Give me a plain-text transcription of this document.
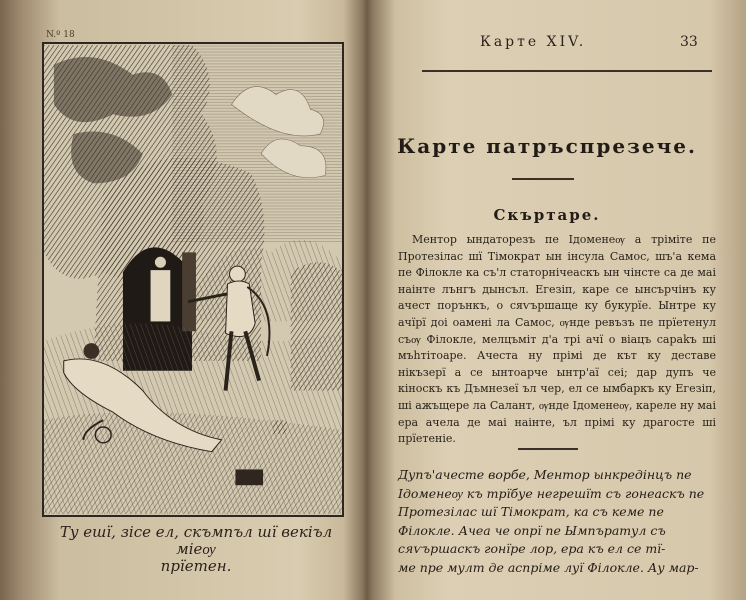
N.º 18
Ту ешї, зісе ел, скъмпъл шї векіъл міеѹ
прїетен.
Карте XIV.	33
Карте патръспрезече.
Скъртаре.

Ментор ындаторезъ пе Ідоменеѹ а тріміте пе Протезілас шї Тімократ ын інсула Самос, шъ'а кема пе Філокле ка съ'л статорнічеаскъ ын чінсте са де маі наінте лънгъ дынсъл. Егезіп, каре се ынсърчінъ ку ачест порънкъ, о сяѵършаще ку букурїе. Ынтре ку ачїрї доі оамені ла Самос, ѹнде ревъзъ пе прїетенул съѹ Філокле, мелцъміт д'а трі ачї о віацъ сараkъ ші мъhтітоаре. Ачеста ну прімі де кът ку деставе нікъзерї а се ынтоарче ынтр'аї сеі; дар дупъ че кіноскъ къ Дъмнезеї ъл чер, ел се ымбаркъ ку Егезіп, ші ажъщере ла Салант, ѹнде Ідоменеѹ, карелe ну маі ера ачела де маі наінте, ъл прімі ку драгосте ші прїетеніе.

Дупъ'ачесте ворбе, Ментор ынкредінцъ пе
Ідоменеѹ къ трїбуе негрешїт съ гонеаскъ пе
Протезілас шї Тімократ, ка съ кеме пе
Філокле. Ачеа че опрї пе Ымпъратул съ
сяѵършаскъ гонїре лор, ера къ ел се тї-
ме пре мулт де аспріме луї Філокле. Ау мар-
